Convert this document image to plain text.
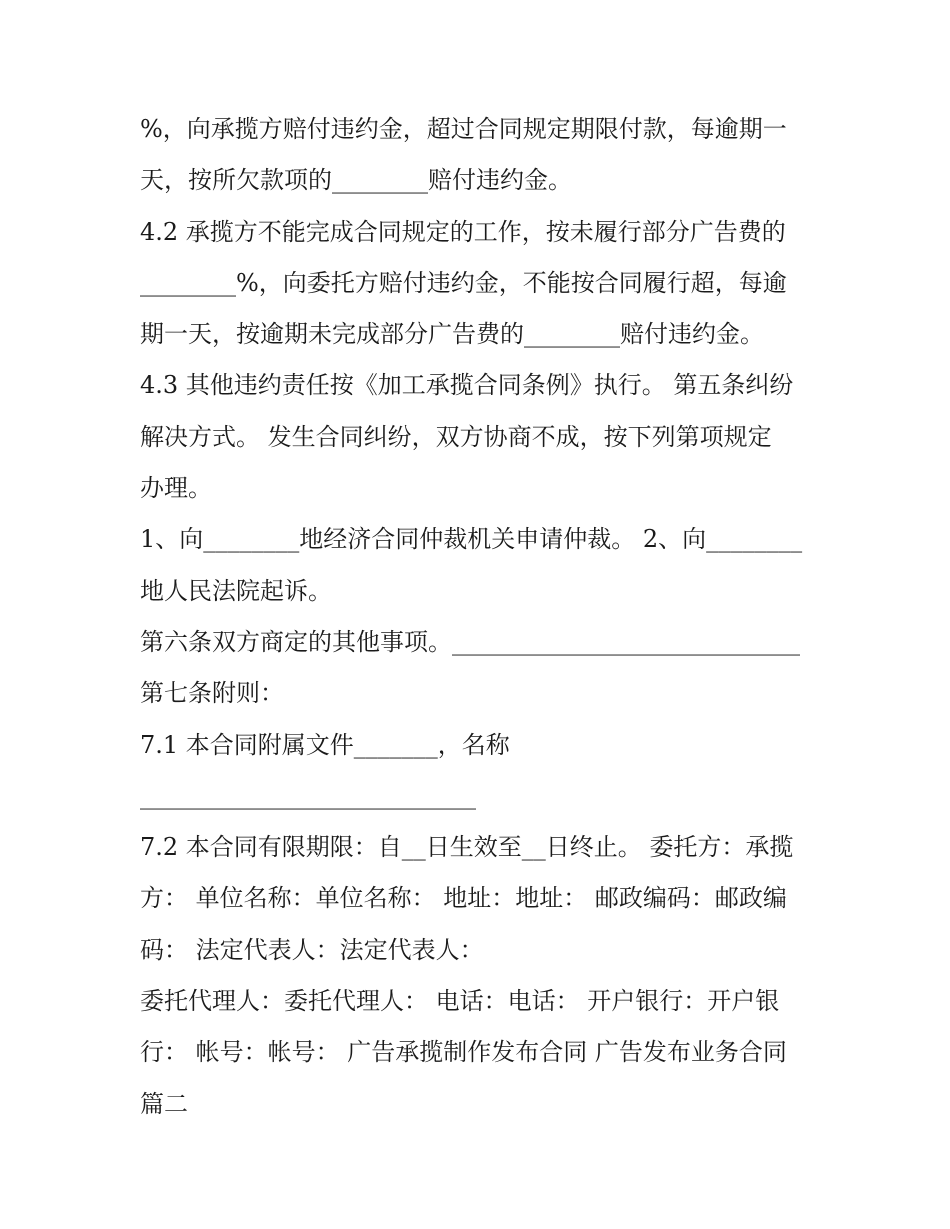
%，向承揽方赔付违约金，超过合同规定期限付款，每逾期一
天，按所欠款项的________赔付违约金。
4.2 承揽方不能完成合同规定的工作，按未履行部分广告费的
________%，向委托方赔付违约金，不能按合同履行超，每逾
期一天，按逾期未完成部分广告费的________赔付违约金。
4.3 其他违约责任按《加工承揽合同条例》执行。 第五条纠纷
解决方式。 发生合同纠纷，双方协商不成，按下列第项规定
办理。
1、向________地经济合同仲裁机关申请仲裁。 2、向________
地人民法院起诉。
第六条双方商定的其他事项。_____________________________
第七条附则：
7.1 本合同附属文件_______，名称
____________________________
7.2 本合同有限期限：自__日生效至__日终止。 委托方：承揽
方： 单位名称：单位名称： 地址：地址： 邮政编码：邮政编
码： 法定代表人：法定代表人：
委托代理人：委托代理人： 电话：电话： 开户银行：开户银
行： 帐号：帐号： 广告承揽制作发布合同 广告发布业务合同
篇二
